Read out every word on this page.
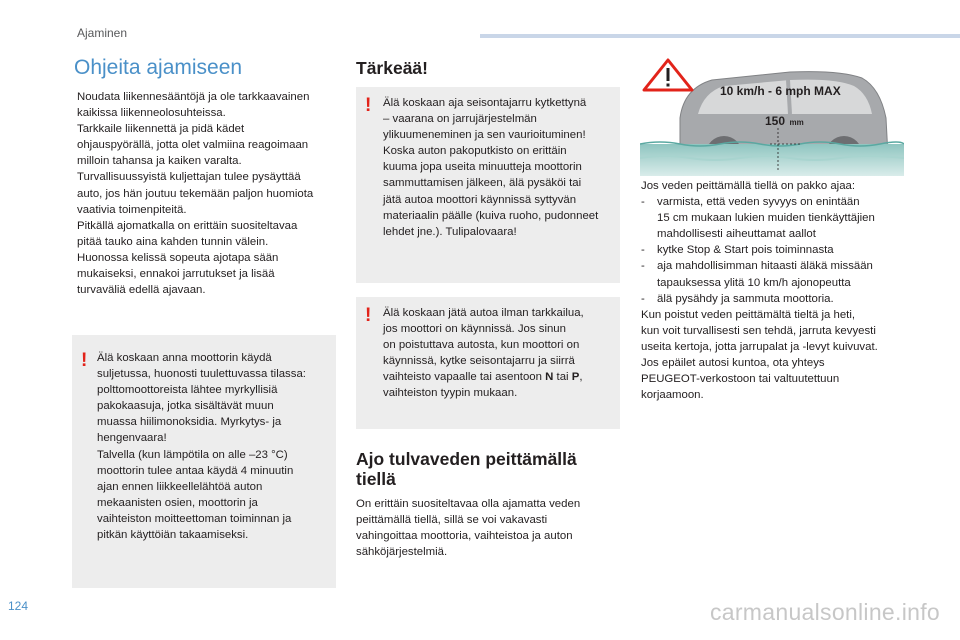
Ajaminen
Ohjeita ajamiseen
Noudata liikennesääntöjä ja ole tarkkaavainen
kaikissa liikenneolosuhteissa.
Tarkkaile liikennettä ja pidä kädet
ohjauspyörällä, jotta olet valmiina reagoimaan
milloin tahansa ja kaiken varalta.
Turvallisuussyistä kuljettajan tulee pysäyttää
auto, jos hän joutuu tekemään paljon huomiota
vaativia toimenpiteitä.
Pitkällä ajomatkalla on erittäin suositeltavaa
pitää tauko aina kahden tunnin välein.
Huonossa kelissä sopeuta ajotapa sään
mukaiseksi, ennakoi jarrutukset ja lisää
turvaväliä edellä ajavaan.
! Älä koskaan anna moottorin käydä
suljetussa, huonosti tuulettuvassa tilassa:
polttomoottoreista lähtee myrkyllisiä
pakokaasuja, jotka sisältävät muun
muassa hiilimonoksidia. Myrkytys- ja
hengenvaara!
Talvella (kun lämpötila on alle –23 °C)
moottorin tulee antaa käydä 4 minuutin
ajan ennen liikkeellelähtöä auton
mekaanisten osien, moottorin ja
vaihteiston moitteettoman toiminnan ja
pitkän käyttöiän takaamiseksi.
Tärkeää!
! Älä koskaan aja seisontajarru kytkettynä
– vaarana on jarrujärjestelmän
ylikuumeneminen ja sen vaurioituminen!
Koska auton pakoputkisto on erittäin
kuuma jopa useita minuutteja moottorin
sammuttamisen jälkeen, älä pysäköi tai
jätä autoa moottori käynnissä syttyvän
materiaalin päälle (kuiva ruoho, pudonneet
lehdet jne.). Tulipalovaara!
! Älä koskaan jätä autoa ilman tarkkailua,
jos moottori on käynnissä. Jos sinun
on poistuttava autosta, kun moottori on
käynnissä, kytke seisontajarru ja siirrä
vaihteisto vapaalle tai asentoon N tai P,
vaihteiston tyypin mukaan.
Ajo tulvaveden peittämällä
tiellä
On erittäin suositeltavaa olla ajamatta veden
peittämällä tiellä, sillä se voi vakavasti
vahingoittaa moottoria, vaihteistoa ja auton
sähköjärjestelmiä.
10 km/h - 6 mph MAX
150 mm
Jos veden peittämällä tiellä on pakko ajaa:
- varmista, että veden syvyys on enintään
15 cm mukaan lukien muiden tienkäyttäjien
mahdollisesti aiheuttamat aallot
- kytke Stop & Start pois toiminnasta
- aja mahdollisimman hitaasti äläkä missään
tapauksessa ylitä 10 km/h ajonopeutta
- älä pysähdy ja sammuta moottoria.
Kun poistut veden peittämältä tieltä ja heti,
kun voit turvallisesti sen tehdä, jarruta kevyesti
useita kertoja, jotta jarrupalat ja -levyt kuivuvat.
Jos epäilet autosi kuntoa, ota yhteys
PEUGEOT-verkostoon tai valtuutettuun
korjaamoon.
124	carmanualsonline.info
